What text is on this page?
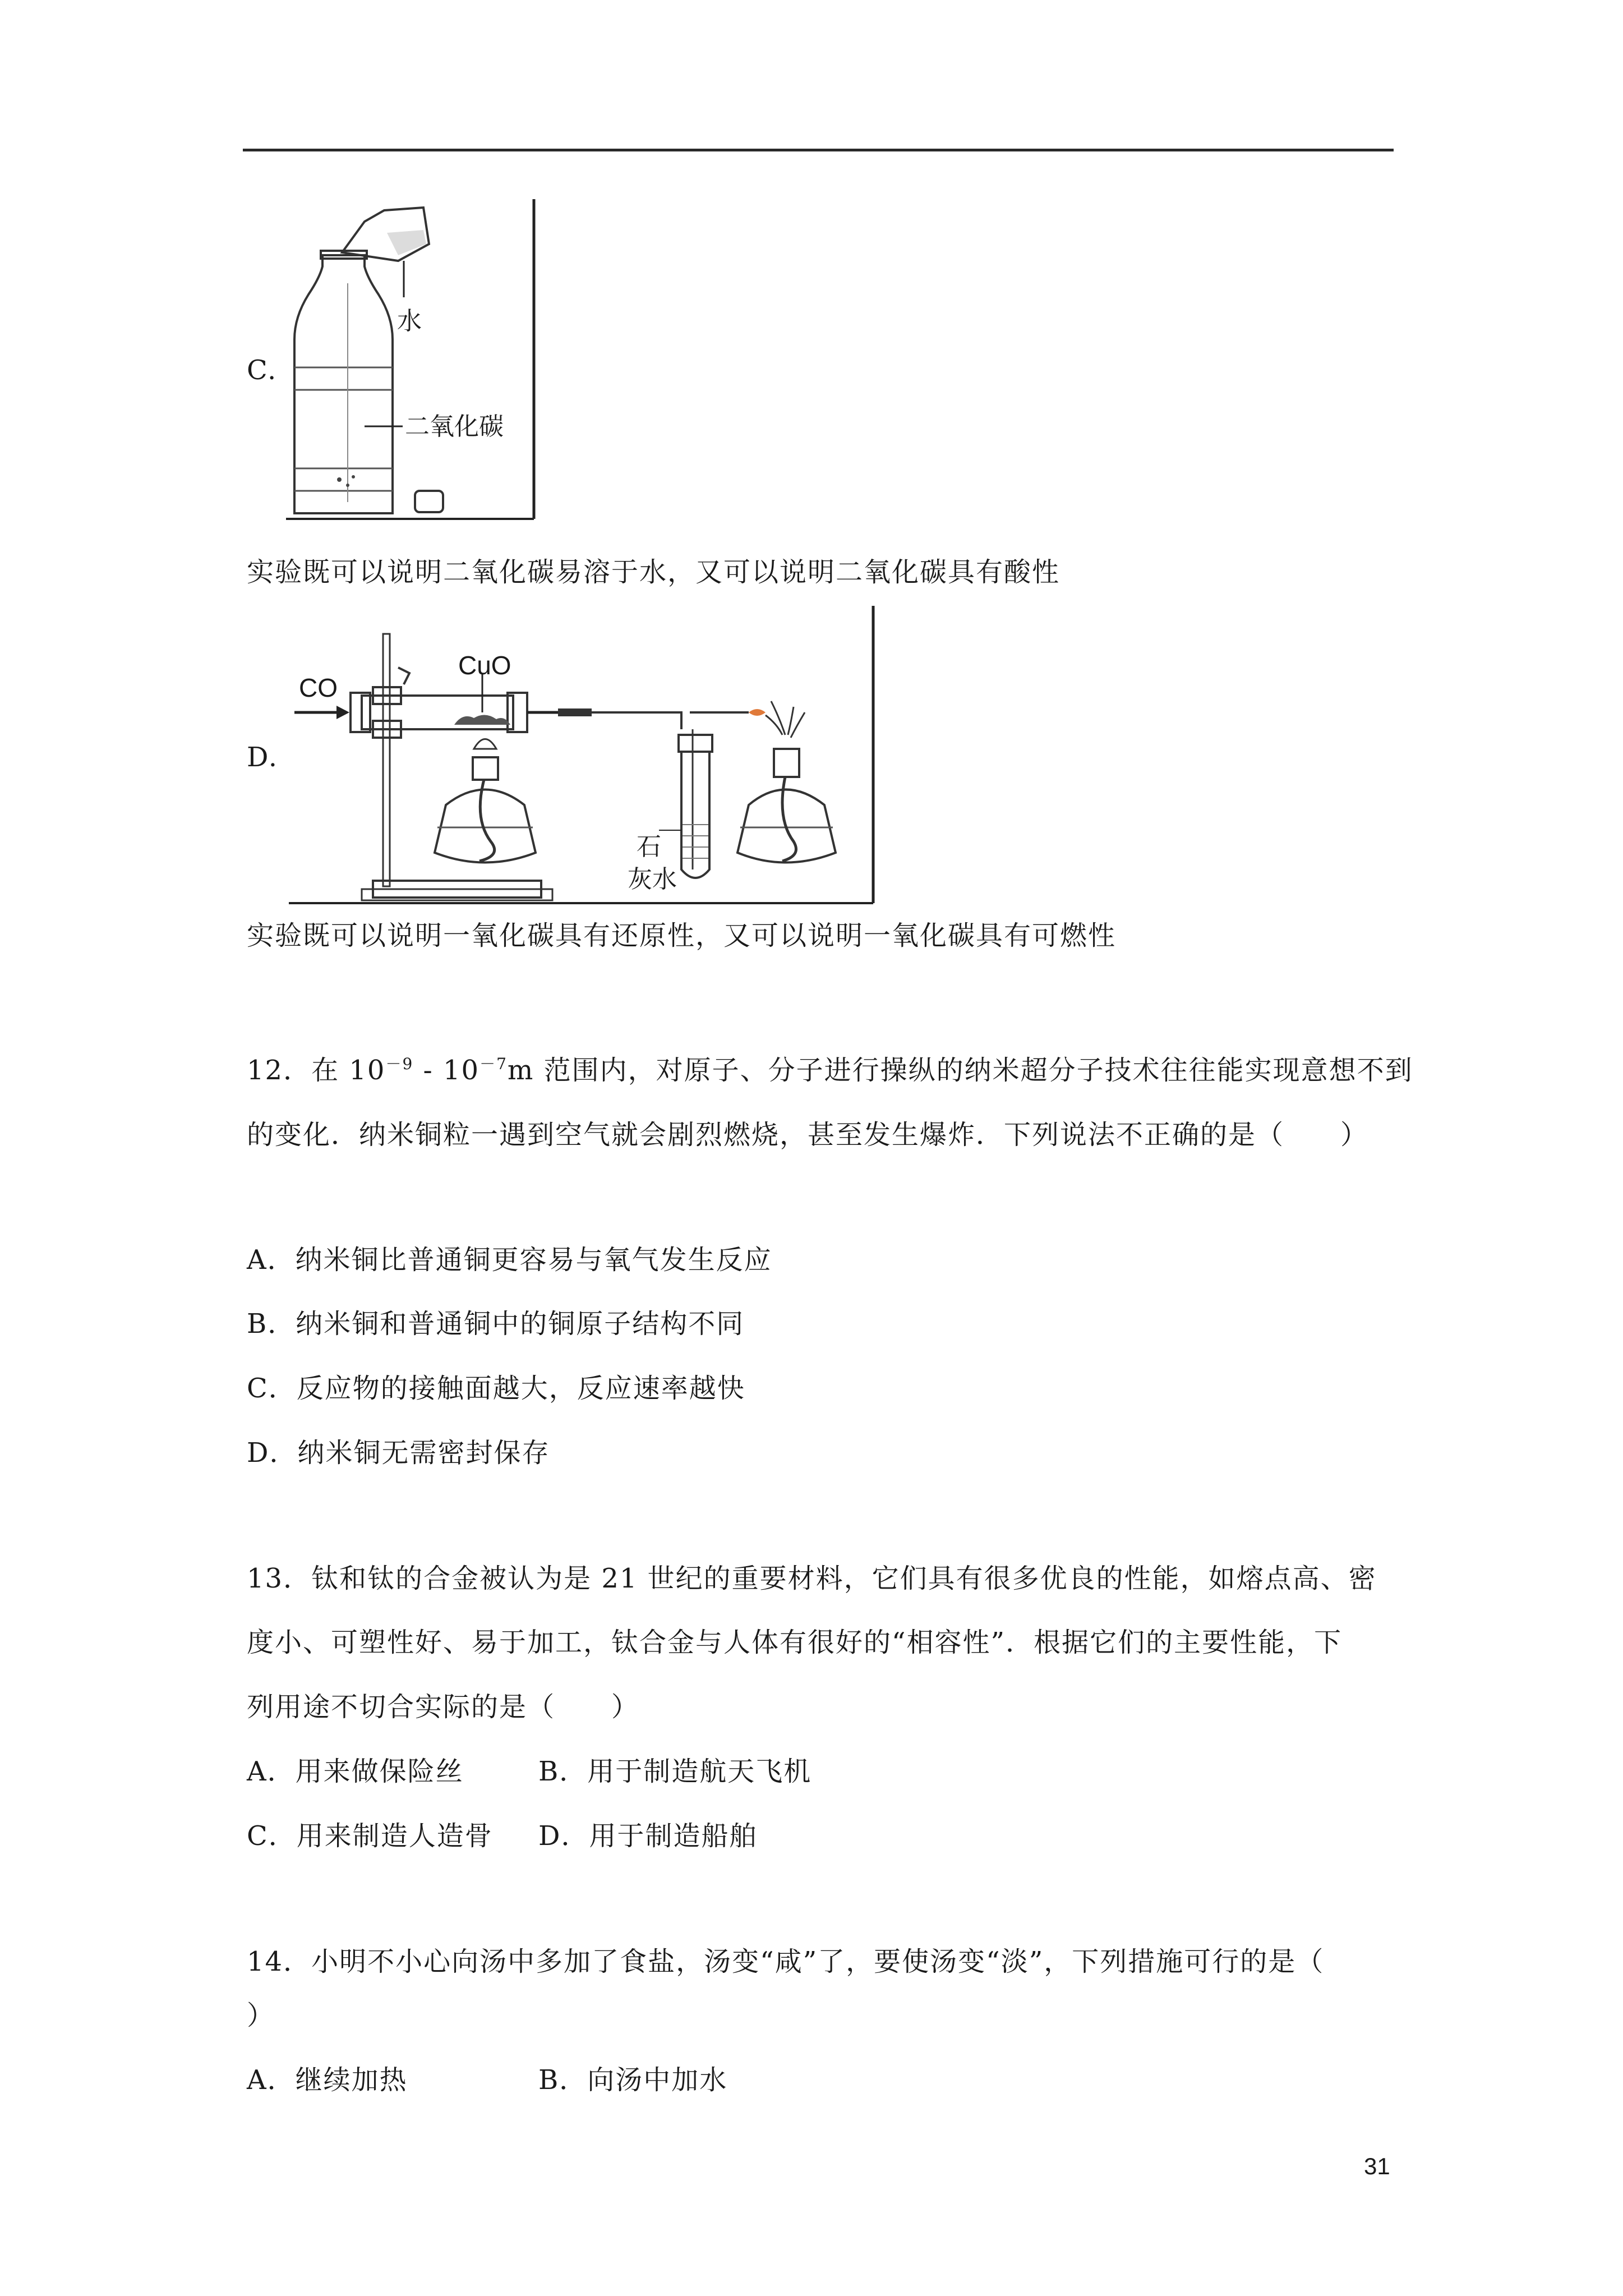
水
二氧化碳
C.
实验既可以说明二氧化碳易溶于水，又可以说明二氧化碳具有酸性
CO
CuO
石
灰水
D.
实验既可以说明一氧化碳具有还原性，又可以说明一氧化碳具有可燃性
12．在 $10^{-9} - 10^{-7}m$ 范围内，对原子、分子进行操纵的纳米超分子技术往往能实现意想不到
的变化．纳米铜粒一遇到空气就会剧烈燃烧，甚至发生爆炸．下列说法不正确的是（　　）
A．纳米铜比普通铜更容易与氧气发生反应
B．纳米铜和普通铜中的铜原子结构不同
C．反应物的接触面越大，反应速率越快
D．纳米铜无需密封保存
13．钛和钛的合金被认为是 21 世纪的重要材料，它们具有很多优良的性能，如熔点高、密
度小、可塑性好、易于加工，钛合金与人体有很好的“相容性”．根据它们的主要性能，下
列用途不切合实际的是（　　）
A．用来做保险丝	B．用于制造航天飞机
C．用来制造人造骨 D．用于制造船舶
14．小明不小心向汤中多加了食盐，汤变“咸”了，要使汤变“淡”，下列措施可行的是（
）
A．继续加热	B．向汤中加水
31
